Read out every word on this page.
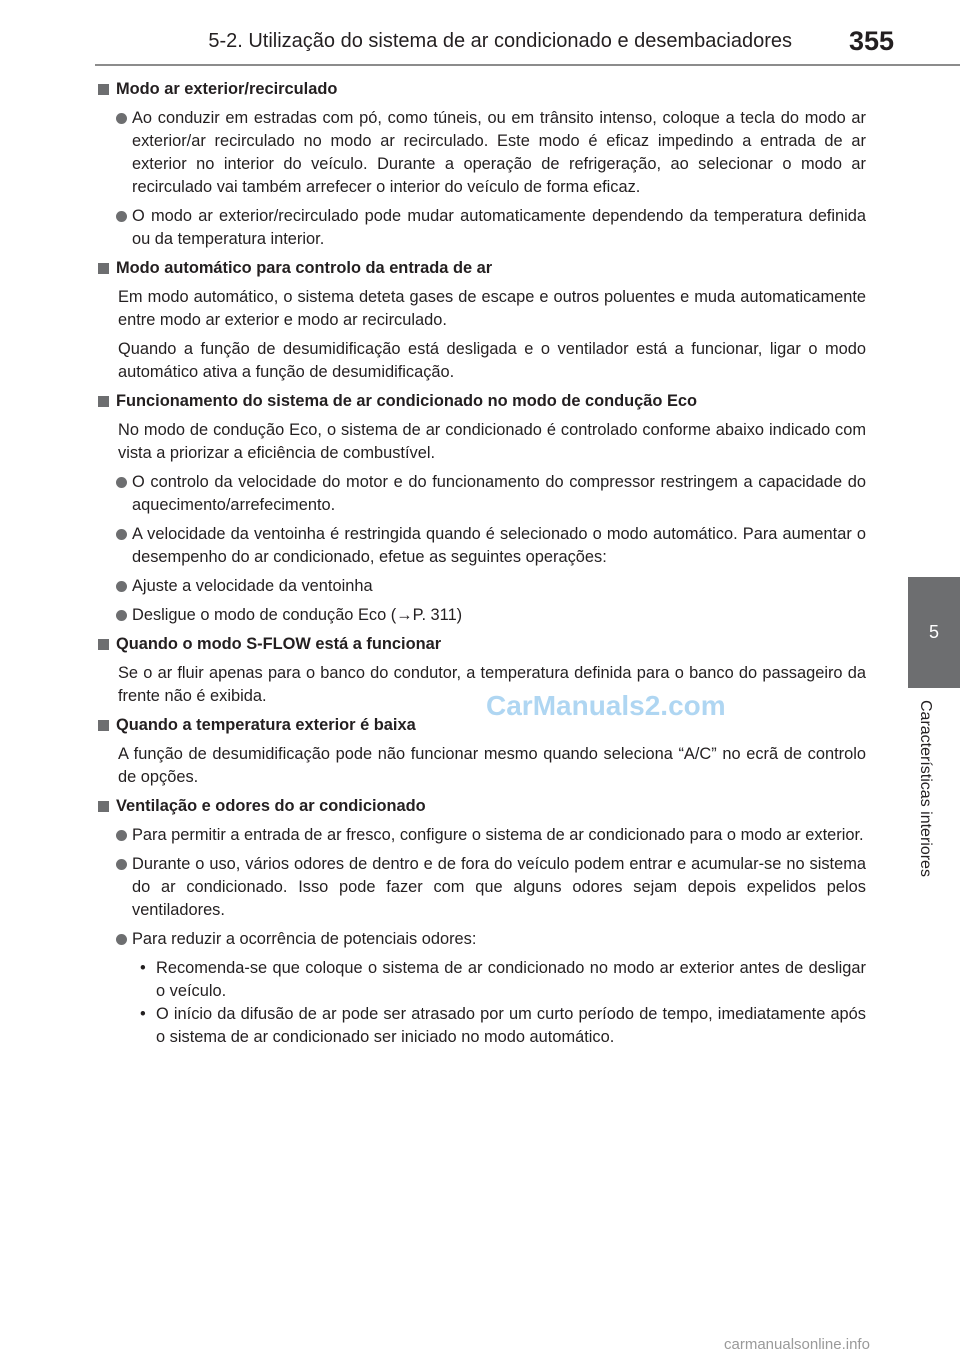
5-2. Utilização do sistema de ar condicionado e desembaciadores 355
5
Características interiores

Modo ar exterior/recirculado

Ao conduzir em estradas com pó, como túneis, ou em trânsito intenso, coloque a tecla do modo ar exterior/ar recirculado no modo ar recirculado. Este modo é eficaz impedindo a entrada de ar exterior no interior do veículo. Durante a operação de refrigeração, ao selecionar o modo ar recirculado vai também arrefecer o interior do veículo de forma eficaz.

O modo ar exterior/recirculado pode mudar automaticamente dependendo da temperatura definida ou da temperatura interior.

Modo automático para controlo da entrada de ar

Em modo automático, o sistema deteta gases de escape e outros poluentes e muda automaticamente entre modo ar exterior e modo ar recirculado.

Quando a função de desumidificação está desligada e o ventilador está a funcionar, ligar o modo automático ativa a função de desumidificação.

Funcionamento do sistema de ar condicionado no modo de condução Eco

No modo de condução Eco, o sistema de ar condicionado é controlado conforme abaixo indicado com vista a priorizar a eficiência de combustível.

O controlo da velocidade do motor e do funcionamento do compressor restringem a capacidade do aquecimento/arrefecimento.

A velocidade da ventoinha é restringida quando é selecionado o modo automático. Para aumentar o desempenho do ar condicionado, efetue as seguintes operações:

Ajuste a velocidade da ventoinha

Desligue o modo de condução Eco (→P. 311)

Quando o modo S-FLOW está a funcionar

Se o ar fluir apenas para o banco do condutor, a temperatura definida para o banco do passageiro da frente não é exibida.

Quando a temperatura exterior é baixa

A função de desumidificação pode não funcionar mesmo quando seleciona “A/C” no ecrã de controlo de opções.

Ventilação e odores do ar condicionado

Para permitir a entrada de ar fresco, configure o sistema de ar condicionado para o modo ar exterior.

Durante o uso, vários odores de dentro e de fora do veículo podem entrar e acumular-se no sistema do ar condicionado. Isso pode fazer com que alguns odores sejam depois expelidos pelos ventiladores.

Para reduzir a ocorrência de potenciais odores:

• Recomenda-se que coloque o sistema de ar condicionado no modo ar exterior antes de desligar o veículo.

• O início da difusão de ar pode ser atrasado por um curto período de tempo, imediatamente após o sistema de ar condicionado ser iniciado no modo automático.

CarManuals2.com
carmanualsonline.info
